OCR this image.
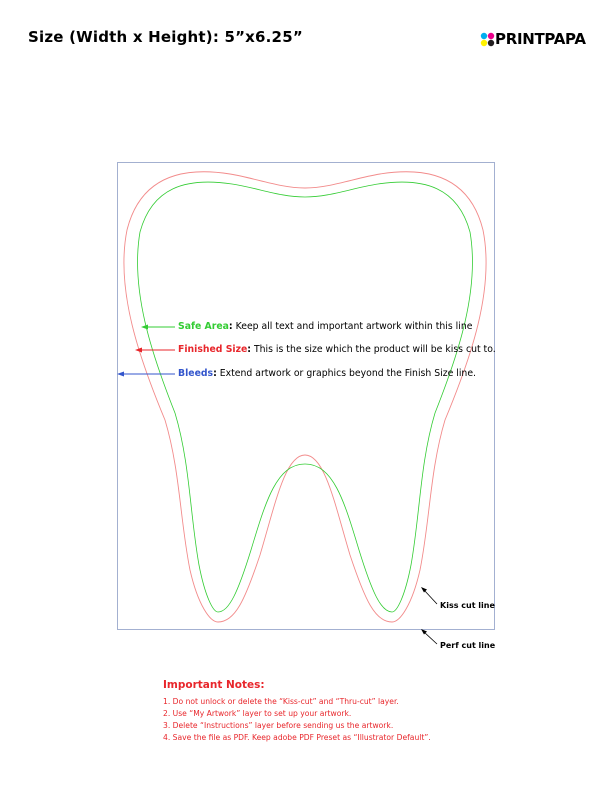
Size (Width x Height): 5”x6.25”	PRINTPAPA
Safe Area: Keep all text and important artwork within this line
Finished Size: This is the size which the product will be kiss cut to.
Bleeds: Extend artwork or graphics beyond the Finish Size line.
Kiss cut line
Perf cut line
Important Notes:
1. Do not unlock or delete the “Kiss-cut” and “Thru-cut” layer.
2. Use “My Artwork” layer to set up your artwork.
3. Delete “Instructions” layer before sending us the artwork.
4. Save the file as PDF. Keep adobe PDF Preset as “Illustrator Default”.
